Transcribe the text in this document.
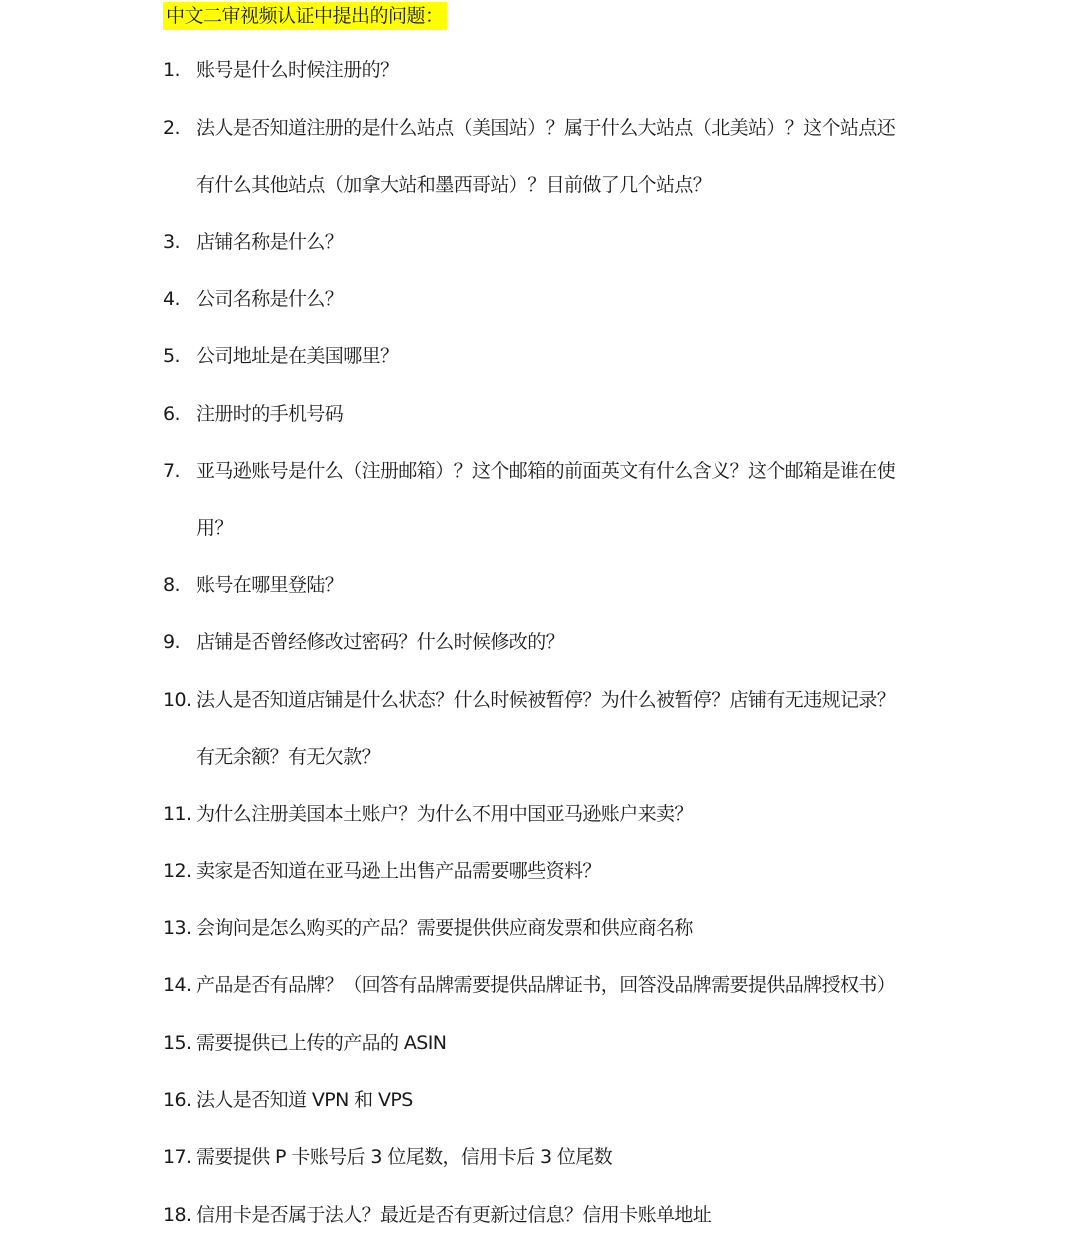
中文二审视频认证中提出的问题：
1. 账号是什么时候注册的？
2. 法人是否知道注册的是什么站点（美国站）？属于什么大站点（北美站）？这个站点还
有什么其他站点（加拿大站和墨西哥站）？目前做了几个站点？
3. 店铺名称是什么？
4. 公司名称是什么？
5. 公司地址是在美国哪里？
6. 注册时的手机号码
7. 亚马逊账号是什么（注册邮箱）？这个邮箱的前面英文有什么含义？这个邮箱是谁在使
用？
8. 账号在哪里登陆？
9. 店铺是否曾经修改过密码？什么时候修改的？
10. 法人是否知道店铺是什么状态？什么时候被暂停？为什么被暂停？店铺有无违规记录？
有无余额？有无欠款？
11. 为什么注册美国本土账户？为什么不用中国亚马逊账户来卖？
12. 卖家是否知道在亚马逊上出售产品需要哪些资料？
13. 会询问是怎么购买的产品？需要提供供应商发票和供应商名称
14. 产品是否有品牌？（回答有品牌需要提供品牌证书，回答没品牌需要提供品牌授权书）
15. 需要提供已上传的产品的 ASIN
16. 法人是否知道 VPN 和 VPS
17. 需要提供 P 卡账号后 3 位尾数，信用卡后 3 位尾数
18. 信用卡是否属于法人？最近是否有更新过信息？信用卡账单地址
